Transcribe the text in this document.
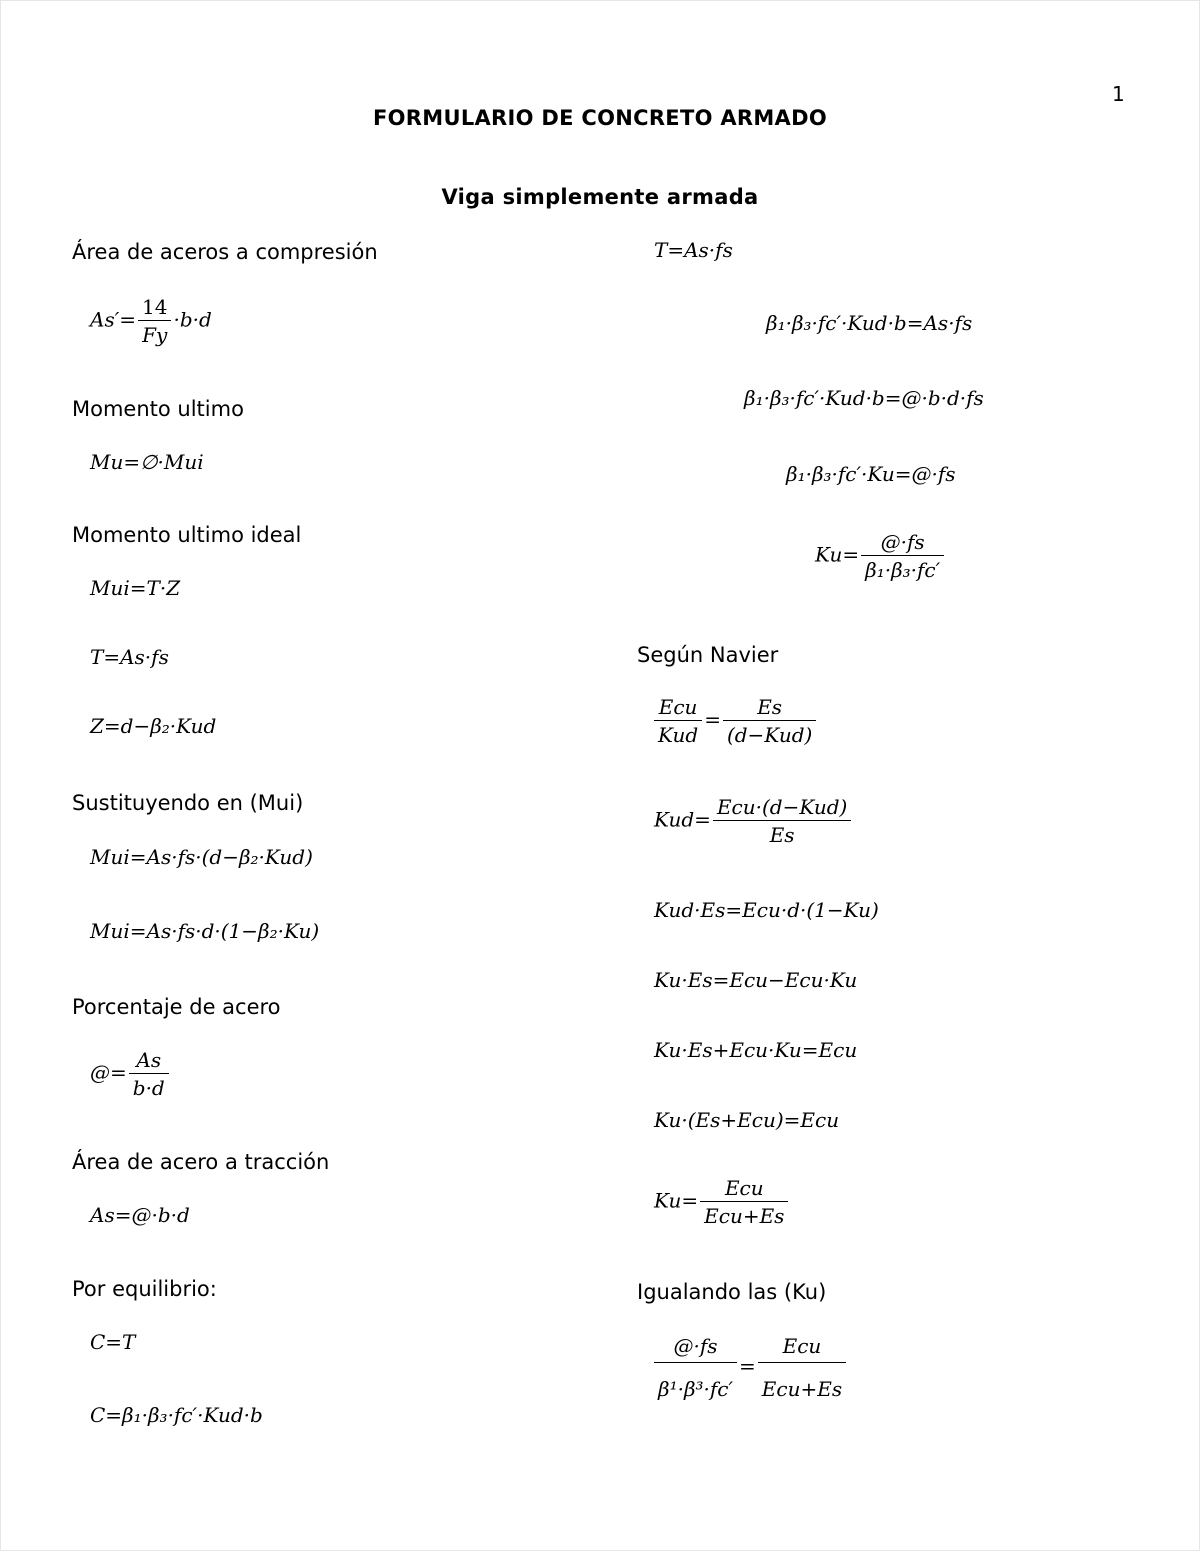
1
FORMULARIO DE CONCRETO ARMADO
Viga simplemente armada
Área de aceros a compresión
$As'= \frac{14}{Fy} \cdot b\cdot d$
Momento ultimo
Mu=∅·Mui
Momento ultimo ideal
Mui=T·Z
T=As·fs
Z=d−β₂·Kud
Sustituyendo en (Mui)
Mui=As·fs·(d−β₂·Kud)
Mui=As·fs·d·(1−β₂·Ku)
Porcentaje de acero
@= $\frac{As}{b\cdot d}$
Área de acero a tracción
As=@·b·d
Por equilibrio:
C=T
C=β₁·β₃·fc′·Kud·b
T=As·fs
β₁·β₃·fc′·Kud·b=As·fs
β₁·β₃·fc′·Kud·b=@·b·d·fs
β₁·β₃·fc′·Ku=@·fs
$Ku= \frac{@\cdot fs}{\text{β₁·β₃·fc′}}$
Según Navier
$\frac{\text{Ecu}}{\text{Kud}} = \frac{Es}{\text{(d−Kud)}}$
$Kud= \frac{\text{Ecu·(d−Kud)}}{Es}$
Kud·Es=Ecu·d·(1−Ku)
Ku·Es=Ecu−Ecu·Ku
Ku·Es+Ecu·Ku=Ecu
Ku·(Es+Ecu)=Ecu
$Ku= \frac{\text{Ecu}}{\text{Ecu+Es}}$
Igualando las (Ku)
$\frac{@\cdot fs}{\text{β¹·β³·fc′}} = \frac{\text{Ecu}}{\text{Ecu+Es}}$
